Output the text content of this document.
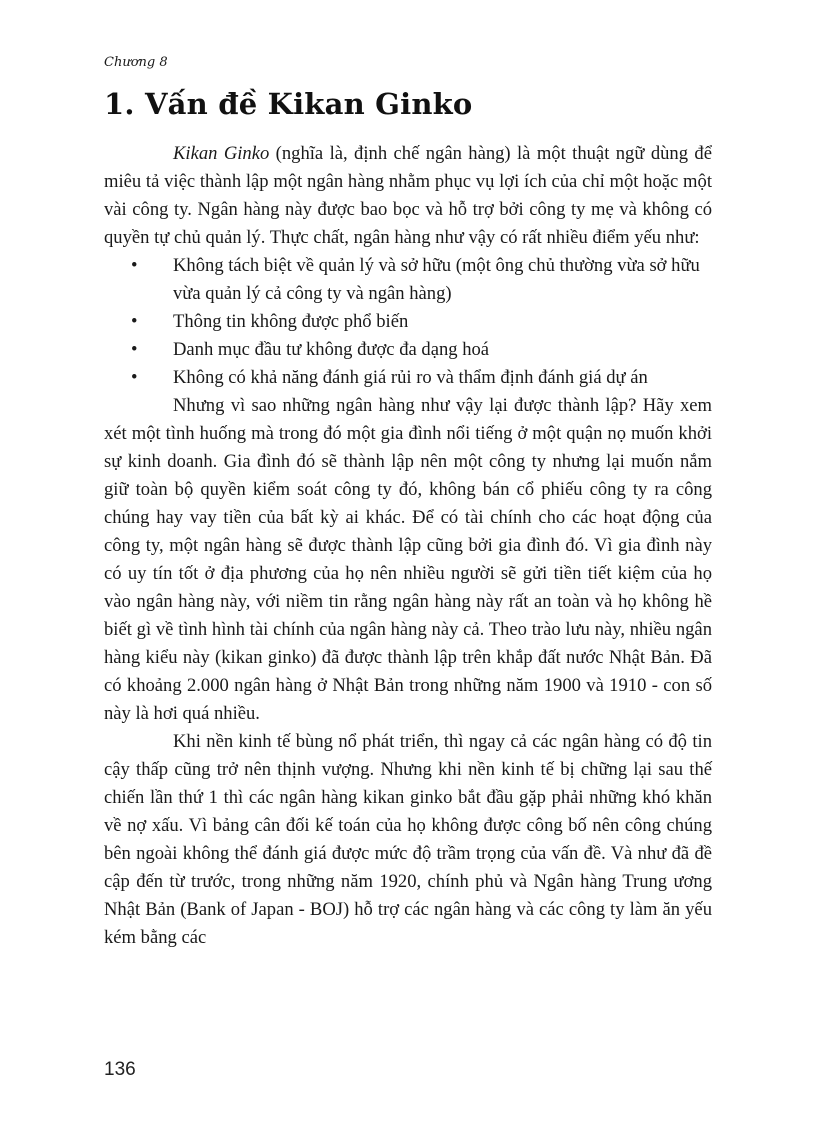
Chương 8
1. Vấn đề Kikan Ginko

Kikan Ginko (nghĩa là, định chế ngân hàng) là một thuật ngữ dùng để miêu tả việc thành lập một ngân hàng nhằm phục vụ lợi ích của chỉ một hoặc một vài công ty. Ngân hàng này được bao bọc và hỗ trợ bởi công ty mẹ và không có quyền tự chủ quản lý. Thực chất, ngân hàng như vậy có rất nhiều điểm yếu như:

• Không tách biệt về quản lý và sở hữu (một ông chủ thường vừa sở hữu vừa quản lý cả công ty và ngân hàng)
• Thông tin không được phổ biến
• Danh mục đầu tư không được đa dạng hoá
• Không có khả năng đánh giá rủi ro và thẩm định đánh giá dự án

Nhưng vì sao những ngân hàng như vậy lại được thành lập? Hãy xem xét một tình huống mà trong đó một gia đình nổi tiếng ở một quận nọ muốn khởi sự kinh doanh. Gia đình đó sẽ thành lập nên một công ty nhưng lại muốn nắm giữ toàn bộ quyền kiểm soát công ty đó, không bán cổ phiếu công ty ra công chúng hay vay tiền của bất kỳ ai khác. Để có tài chính cho các hoạt động của công ty, một ngân hàng sẽ được thành lập cũng bởi gia đình đó. Vì gia đình này có uy tín tốt ở địa phương của họ nên nhiều người sẽ gửi tiền tiết kiệm của họ vào ngân hàng này, với niềm tin rằng ngân hàng này rất an toàn và họ không hề biết gì về tình hình tài chính của ngân hàng này cả. Theo trào lưu này, nhiều ngân hàng kiểu này (kikan ginko) đã được thành lập trên khắp đất nước Nhật Bản. Đã có khoảng 2.000 ngân hàng ở Nhật Bản trong những năm 1900 và 1910 - con số này là hơi quá nhiều.

Khi nền kinh tế bùng nổ phát triển, thì ngay cả các ngân hàng có độ tin cậy thấp cũng trở nên thịnh vượng. Nhưng khi nền kinh tế bị chững lại sau thế chiến lần thứ 1 thì các ngân hàng kikan ginko bắt đầu gặp phải những khó khăn về nợ xấu. Vì bảng cân đối kế toán của họ không được công bố nên công chúng bên ngoài không thể đánh giá được mức độ trầm trọng của vấn đề. Và như đã đề cập đến từ trước, trong những năm 1920, chính phủ và Ngân hàng Trung ương Nhật Bản (Bank of Japan - BOJ) hỗ trợ các ngân hàng và các công ty làm ăn yếu kém bằng các

136
